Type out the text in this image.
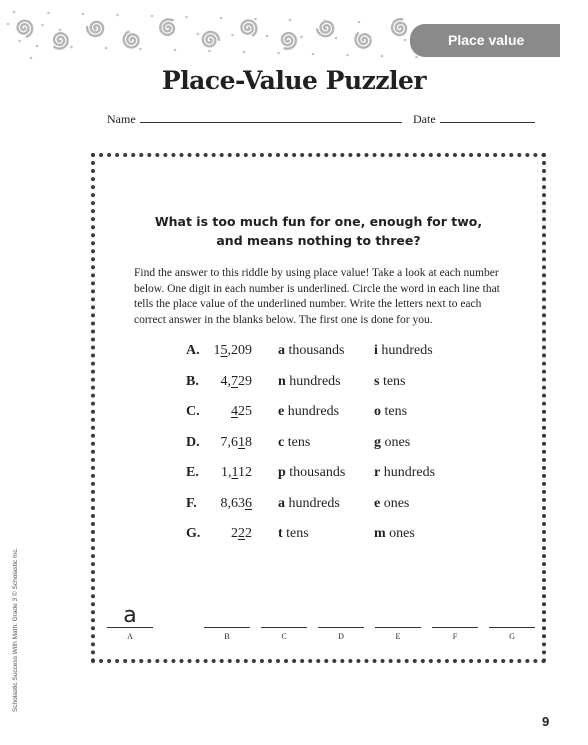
Place value
Place-Value Puzzler
Name	Date
What is too much fun for one, enough for two,
and means nothing to three?
Find the answer to this riddle by using place value! Take a look at each number below. One digit in each number is underlined. Circle the word in each line that tells the place value of the underlined number. Write the letters next to each correct answer in the blanks below. The first one is done for you.
A. 15,209 a thousands i hundreds
B.	4,729 n hundreds s tens
C.	425 e hundreds o tens
D.	7,618 c tens	g ones
E.	1,112 p thousands r hundreds
F.	8,636 a hundreds e ones
G.	222 t tens	m ones
a
A	B	C	D	E	F	G
Scholastic Success With Math: Grade 3 © Scholastic Inc.
9
